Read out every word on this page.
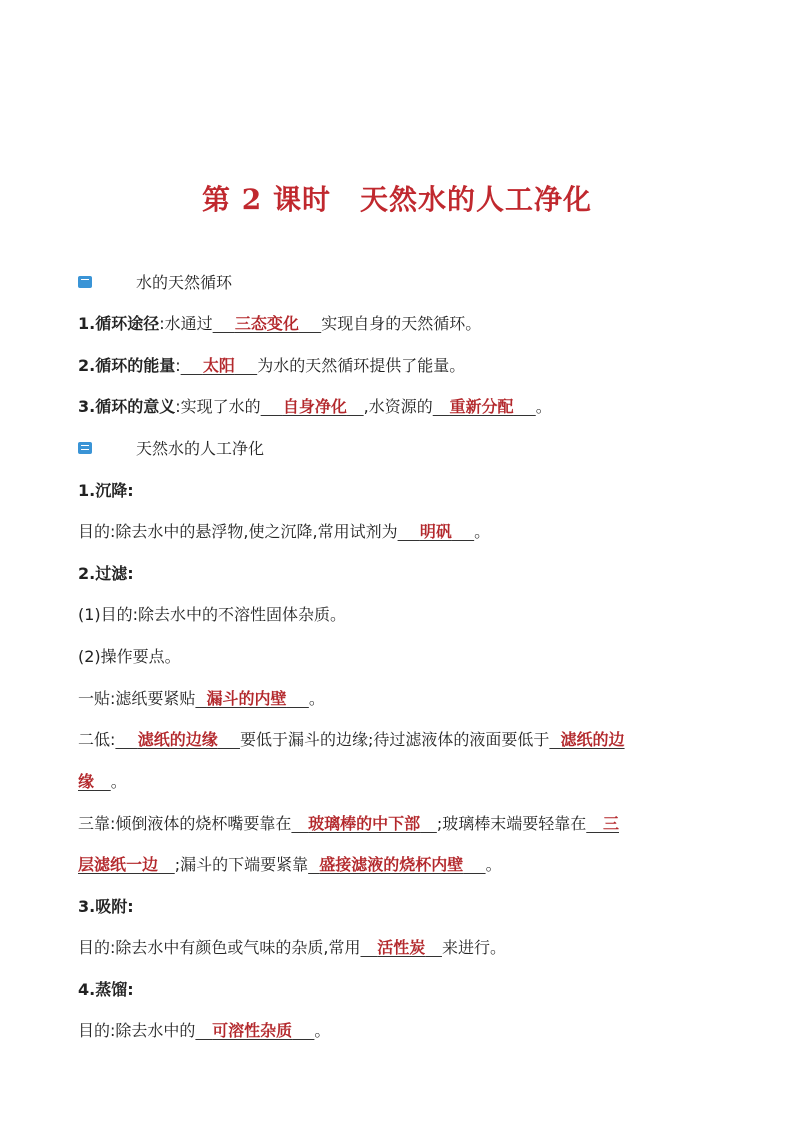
第 2 课时　天然水的人工净化
水的天然循环
1.循环途径:水通过 三态变化 实现自身的天然循环。
2.循环的能量: 太阳 为水的天然循环提供了能量。
3.循环的意义:实现了水的 自身净化 ,水资源的 重新分配 。
天然水的人工净化
1.沉降:
目的:除去水中的悬浮物,使之沉降,常用试剂为 明矾 。
2.过滤:
(1)目的:除去水中的不溶性固体杂质。
(2)操作要点。
一贴:滤纸要紧贴 漏斗的内壁 。
二低: 滤纸的边缘 要低于漏斗的边缘;待过滤液体的液面要低于 滤纸的边
缘 。
三靠:倾倒液体的烧杯嘴要靠在 玻璃棒的中下部 ;玻璃棒末端要轻靠在 三
层滤纸一边 ;漏斗的下端要紧靠 盛接滤液的烧杯内壁 。
3.吸附:
目的:除去水中有颜色或气味的杂质,常用 活性炭 来进行。
4.蒸馏:
目的:除去水中的 可溶性杂质 。
